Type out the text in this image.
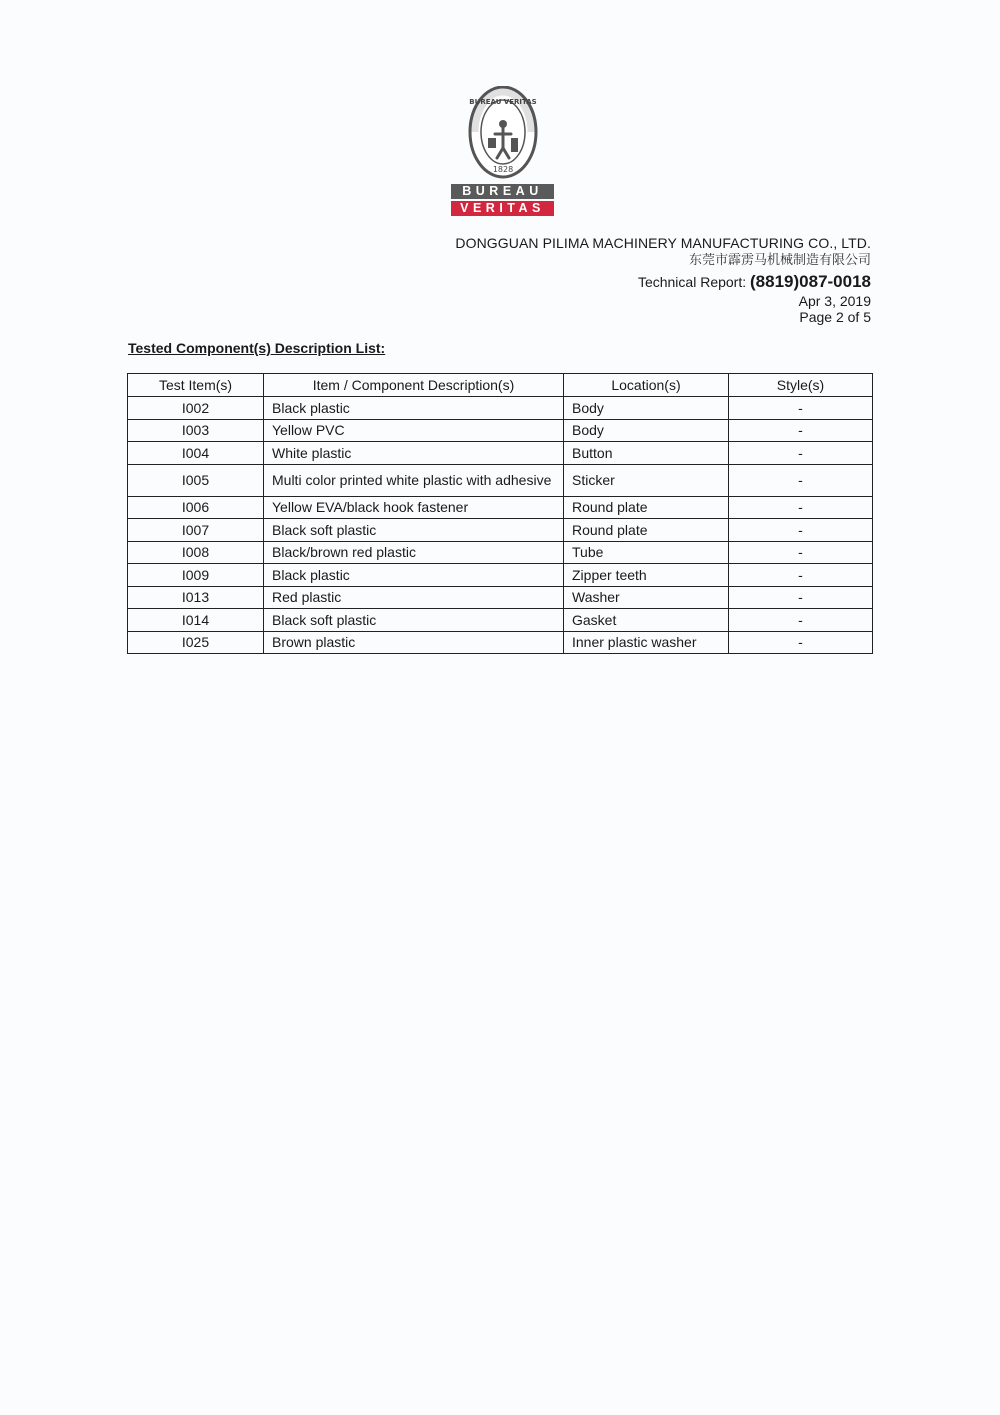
BUREAU VERITAS
1828
BUREAU
VERITAS
DONGGUAN PILIMA MACHINERY MANUFACTURING CO., LTD.
东莞市霹雳马机械制造有限公司
Technical Report: (8819)087-0018
Apr 3, 2019
Page 2 of 5
Tested Component(s) Description List:
Test Item(s)	Item / Component Description(s)	Location(s)	Style(s)
I002	Black plastic	Body	-
I003	Yellow PVC	Body	-
I004	White plastic	Button	-
I005	Multi color printed white plastic with adhesive	Sticker	-
I006	Yellow EVA/black hook fastener	Round plate	-
I007	Black soft plastic	Round plate	-
I008	Black/brown red plastic	Tube	-
I009	Black plastic	Zipper teeth	-
I013	Red plastic	Washer	-
I014	Black soft plastic	Gasket	-
I025	Brown plastic	Inner plastic washer	-
